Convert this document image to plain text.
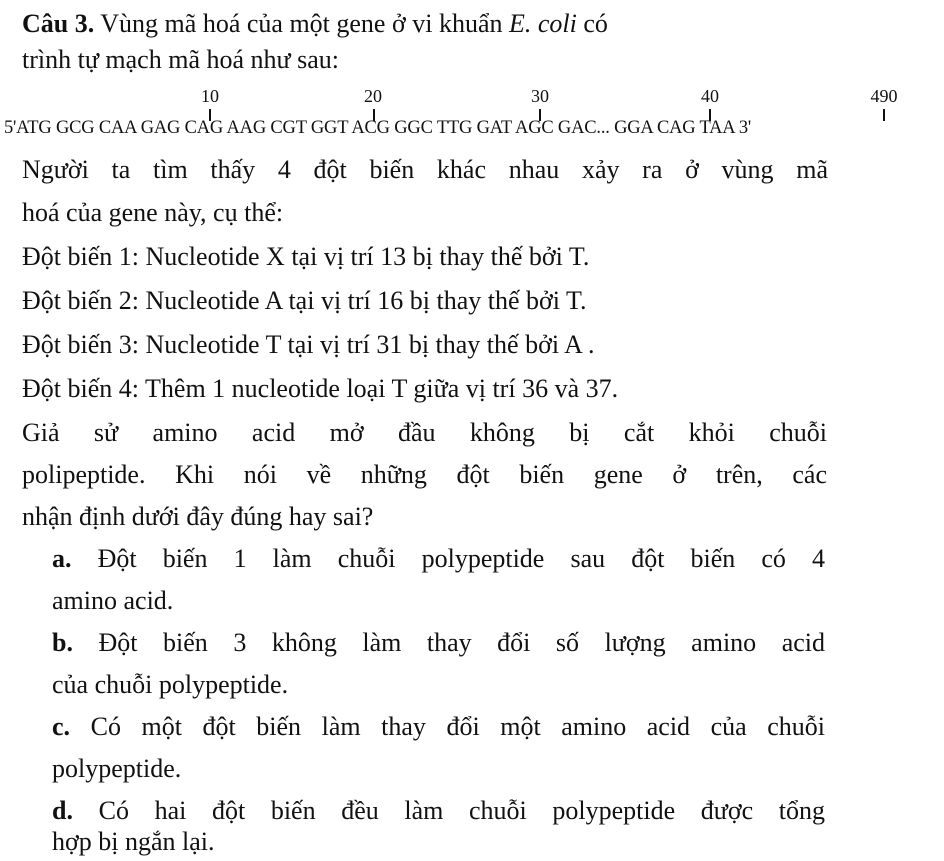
Câu 3. Vùng mã hoá của một gene ở vi khuẩn E. coli có
trình tự mạch mã hoá như sau:
10	20	30	40	490
5'ATG GCG CAA GAG CAG AAG CGT GGT ACG GGC TTG GAT AGC GAC... GGA CAG TAA 3'
Người ta tìm thấy 4 đột biến khác nhau xảy ra ở vùng mã
hoá của gene này, cụ thể:
Đột biến 1: Nucleotide X tại vị trí 13 bị thay thế bởi T.
Đột biến 2: Nucleotide A tại vị trí 16 bị thay thế bởi T.
Đột biến 3: Nucleotide T tại vị trí 31 bị thay thế bởi A .
Đột biến 4: Thêm 1 nucleotide loại T giữa vị trí 36 và 37.
Giả sử amino acid mở đầu không bị cắt khỏi chuỗi
polipeptide. Khi nói về những đột biến gene ở trên, các
nhận định dưới đây đúng hay sai?
a. Đột biến 1 làm chuỗi polypeptide sau đột biến có 4
amino acid.
b. Đột biến 3 không làm thay đổi số lượng amino acid
của chuỗi polypeptide.
c. Có một đột biến làm thay đổi một amino acid của chuỗi
polypeptide.
d. Có hai đột biến đều làm chuỗi polypeptide được tổng
hợp bị ngắn lại.
